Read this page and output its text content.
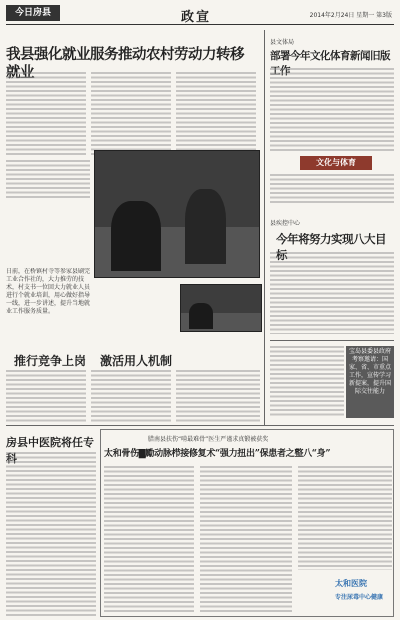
今日房县	政宣	2014年2月24日 星期一 第3版
我县强化就业服务推动农村劳动力转移就业
日前，在桥镇村寺等参家县刷完工业合作社的，大力推劳的技术，村支书一位回大力就业人员进行个就业培训，用心做好指导一线，进一步讲述，提升当地就业工作服务质量。
县文体局
部署今年文化体育新闻旧版工作
文化与体育
县疾控中心
今年将努力实现八大目标
宝岛县委县政府考察邀请：国家、省、市重点工作，宣传学习新提案，提升国际交往能力
推行竞争上岗 激活用人机制
房县中医院将任专科
腊南县扶伤“啃最难骨”医生严谨求真锻被获奖
太和骨伤▇勵动脉栉接修复术“强力扭出”保患者之整八“身”
太和医院
专注尿毒中心健康
